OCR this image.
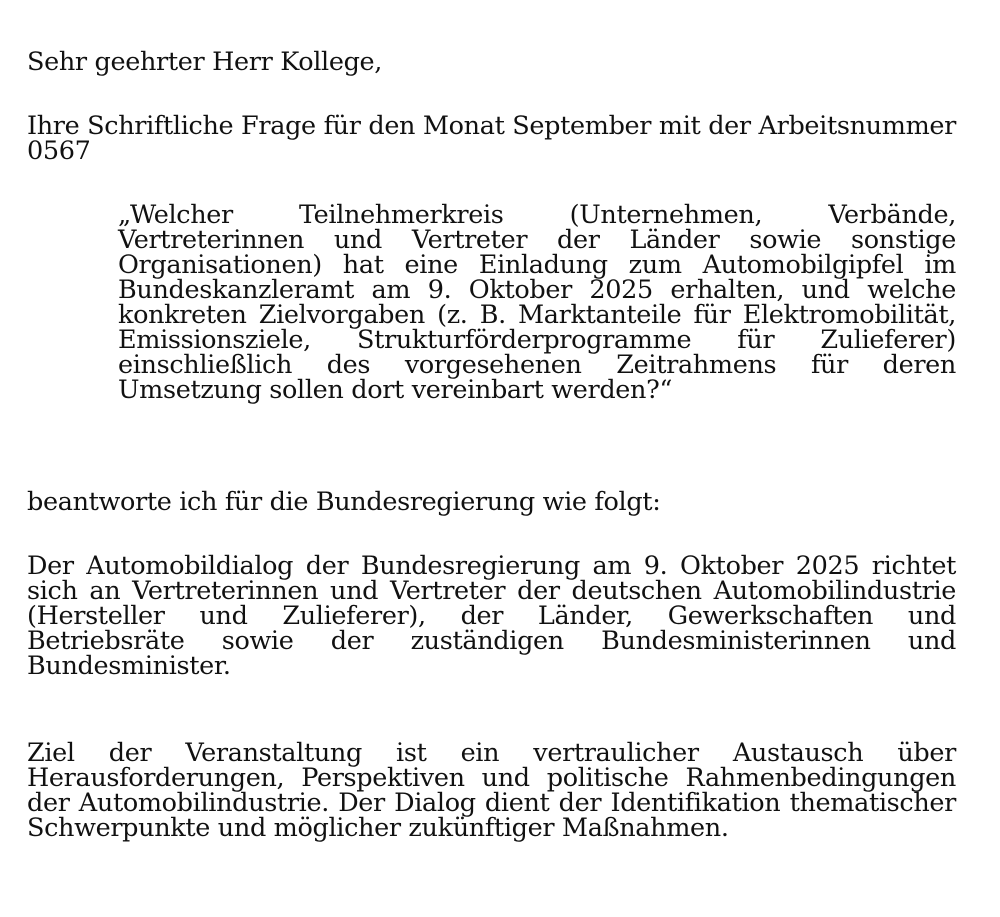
Sehr geehrter Herr Kollege,

Ihre Schriftliche Frage für den Monat September mit der Arbeitsnummer 0567

„Welcher Teilnehmerkreis (Unternehmen, Verbände, Vertreterinnen und Vertreter der Länder sowie sonstige Organisationen) hat eine Einladung zum Automobilgipfel im Bundeskanzleramt am 9. Oktober 2025 erhalten, und welche konkreten Zielvorgaben (z. B. Marktanteile für Elektromobilität, Emissionsziele, Strukturförderprogramme für Zulieferer) einschließlich des vorgesehenen Zeitrahmens für deren Umsetzung sollen dort vereinbart werden?“

beantworte ich für die Bundesregierung wie folgt:

Der Automobildialog der Bundesregierung am 9. Oktober 2025 richtet sich an Vertreterinnen und Vertreter der deutschen Automobilindustrie (Hersteller und Zulieferer), der Länder, Gewerkschaften und Betriebsräte sowie der zuständigen Bundesministerinnen und Bundesminister.

Ziel der Veranstaltung ist ein vertraulicher Austausch über Herausforderungen, Perspektiven und politische Rahmenbedingungen der Automobilindustrie. Der Dialog dient der Identifikation thematischer Schwerpunkte und möglicher zukünftiger Maßnahmen.
